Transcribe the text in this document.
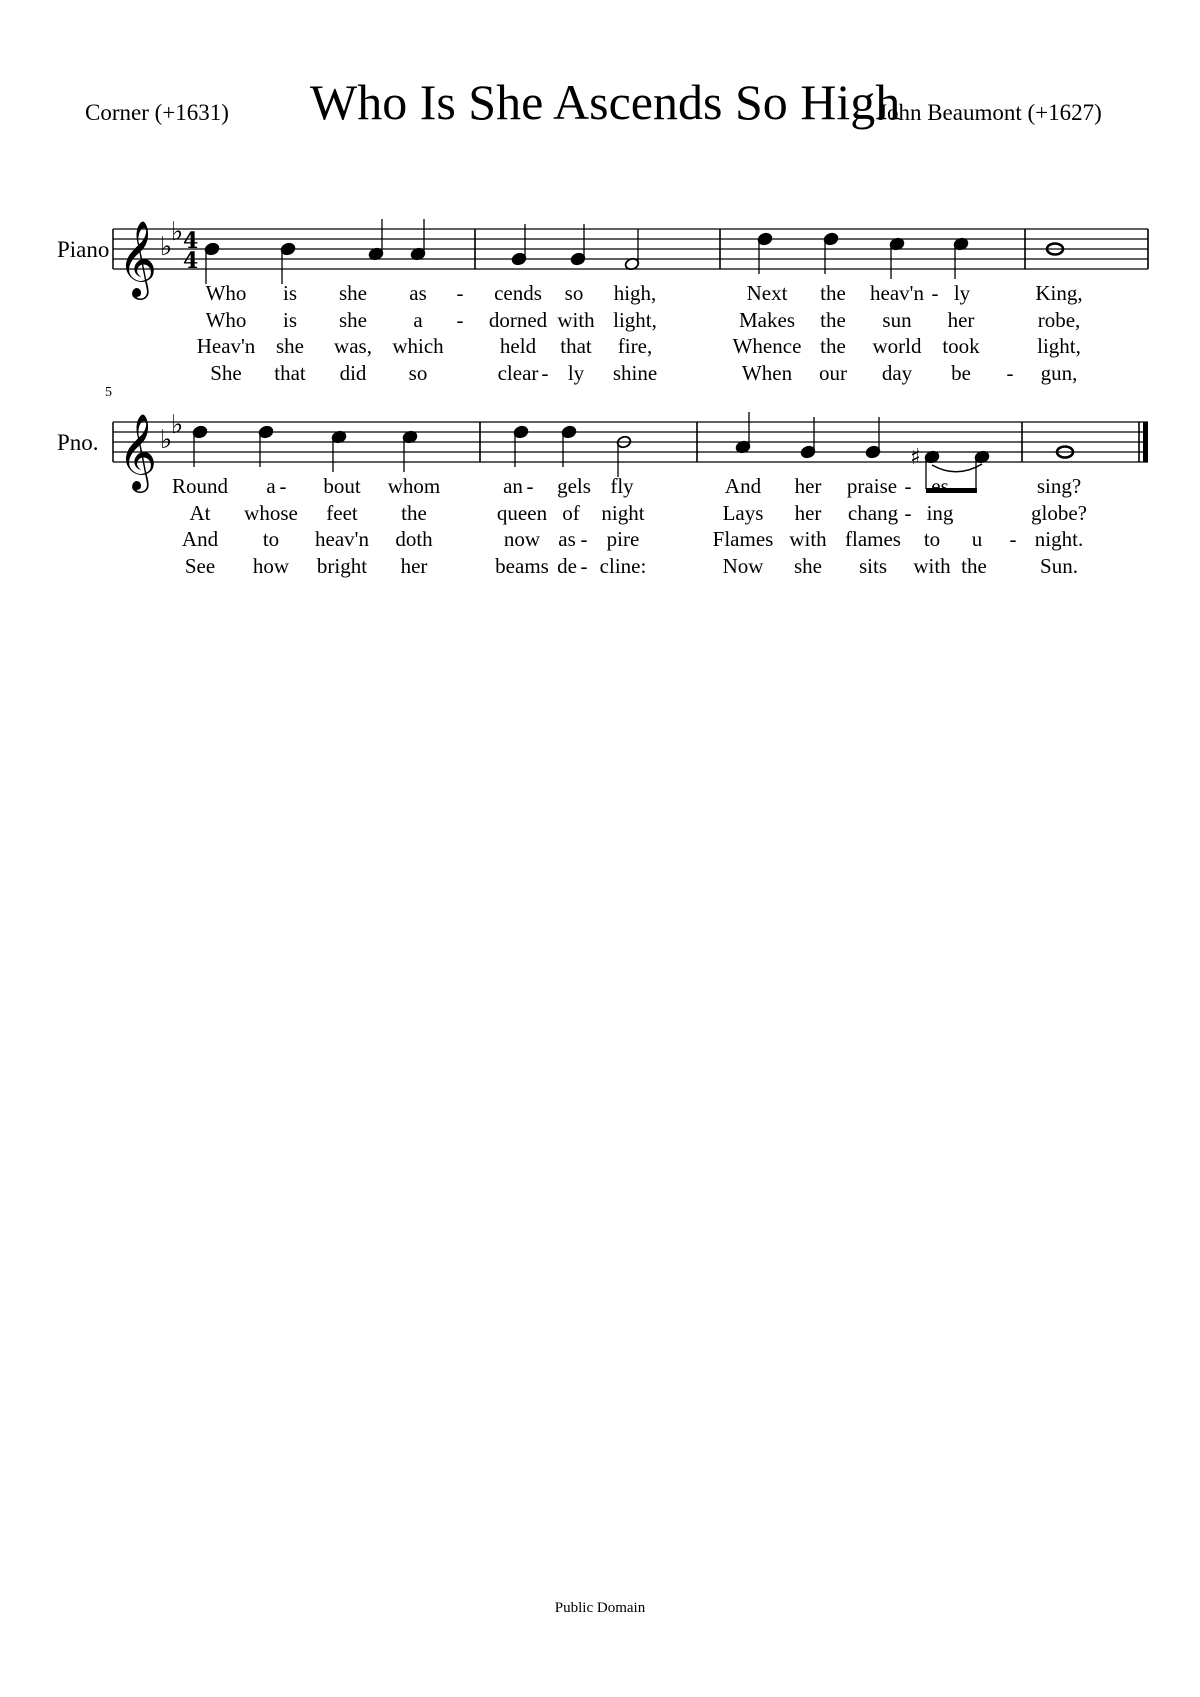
Who Is She Ascends So High
Corner (+1631)	John Beaumont (+1627)
Piano
Pno.
5
𝄞 ♭
♭ 4
4
𝄞 ♭
♭
♯
Who is she as - cends so high,	Next the heav'n - ly	King,
Who is she a - dorned with light,	Makes the sun her	robe,
Heav'n she was, which	held that fire,	Whence the world took	light,
She that did so	clear - ly shine	When our day be - gun,
Round a - bout whom	an - gels fly	And her praise - es	sing?
At whose feet the	queen of night	Lays her chang - ing	globe?
And to heav'n doth	now as - pire	Flames with flames to u - night.
See how bright her	beams de - cline:	Now she sits with the	Sun.
Public Domain
